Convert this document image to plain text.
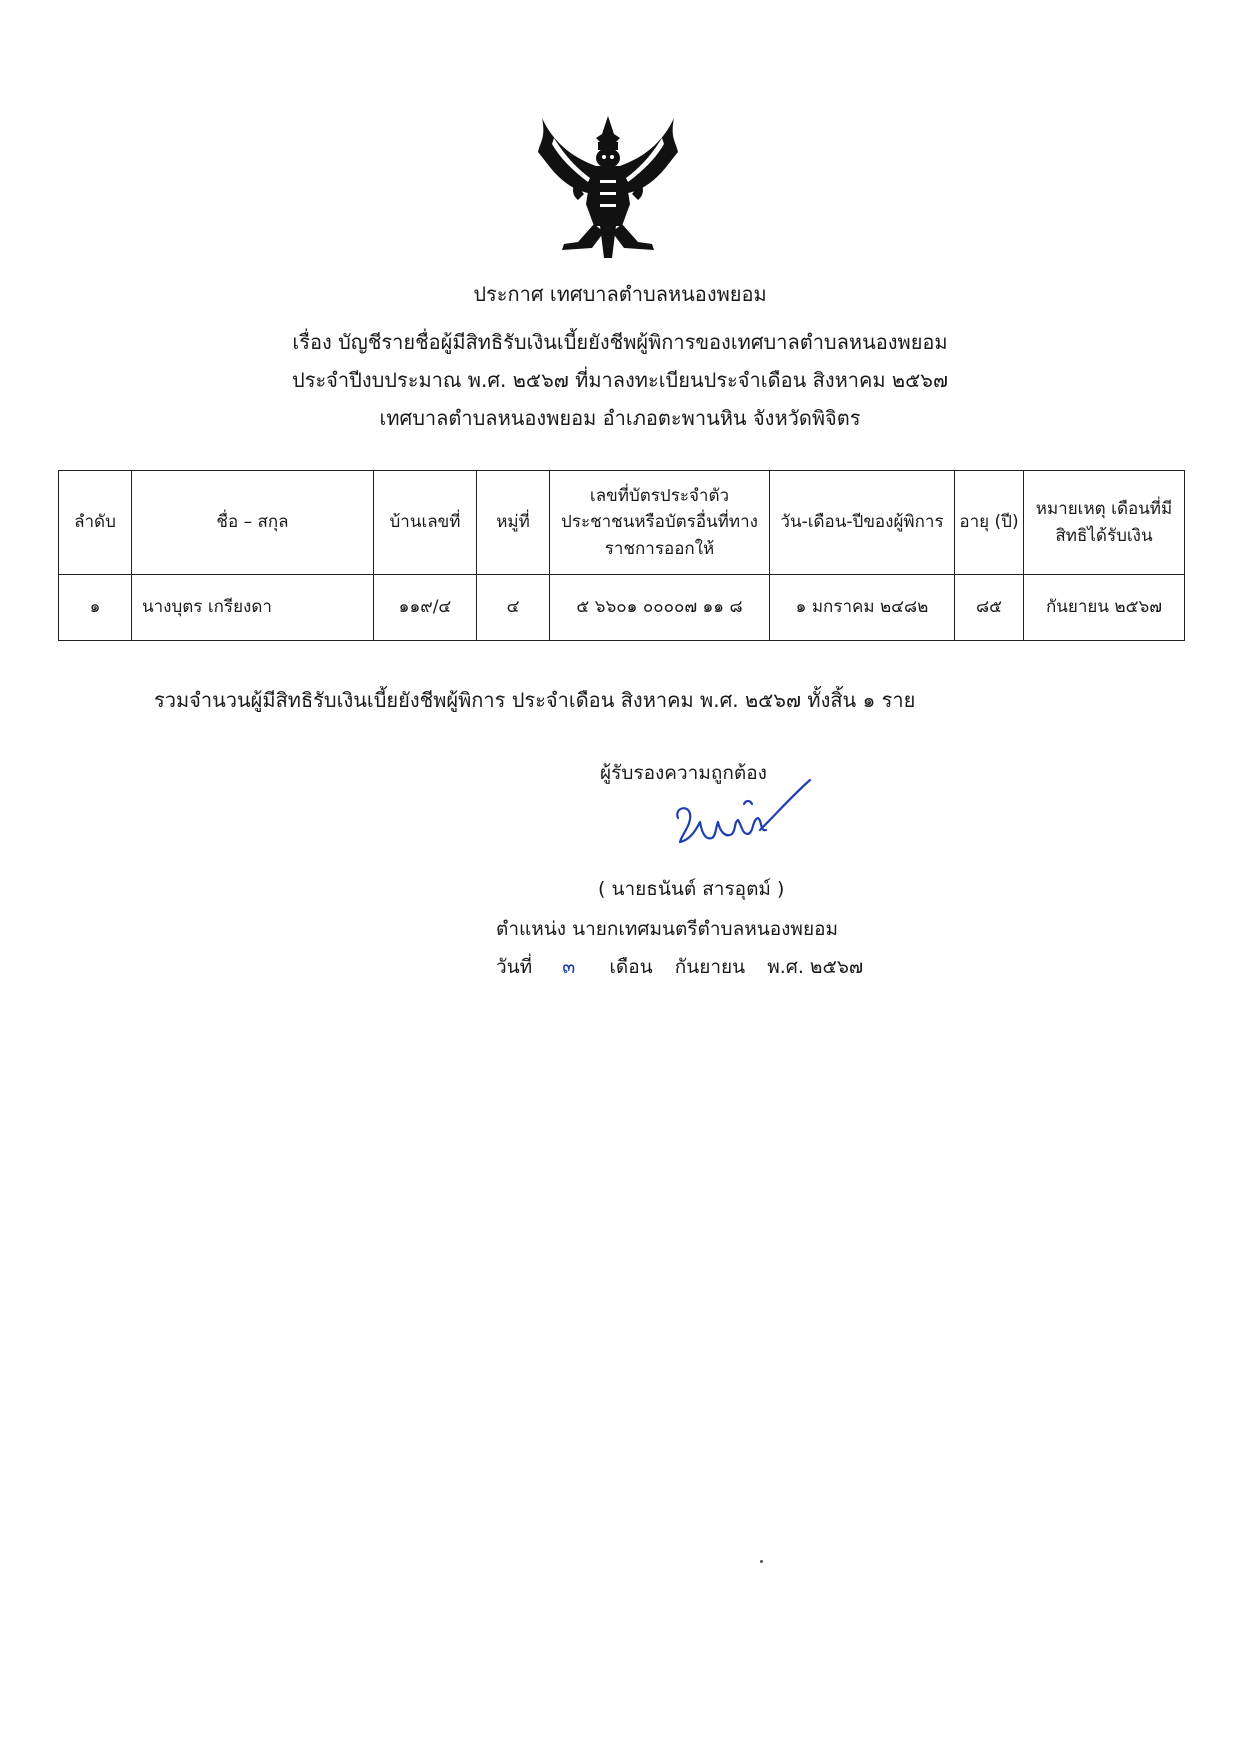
ประกาศ เทศบาลตำบลหนองพยอม
เรื่อง บัญชีรายชื่อผู้มีสิทธิรับเงินเบี้ยยังชีพผู้พิการของเทศบาลตำบลหนองพยอม
ประจำปีงบประมาณ พ.ศ. ๒๕๖๗ ที่มาลงทะเบียนประจำเดือน สิงหาคม ๒๕๖๗
เทศบาลตำบลหนองพยอม อำเภอตะพานหิน จังหวัดพิจิตร
ลำดับ	ชื่อ – สกุล	บ้านเลขที่	หมู่ที่	เลขที่บัตรประจำตัวประชาชนหรือบัตรอื่นที่ทางราชการออกให้	วัน-เดือน-ปีของผู้พิการ	อายุ (ปี)	หมายเหตุ เดือนที่มีสิทธิได้รับเงิน
๑	นางบุตร เกรียงดา	๑๑๙/๔	๔	๕ ๖๖๐๑ ๐๐๐๐๗ ๑๑ ๘	๑ มกราคม ๒๔๘๒	๘๕	กันยายน ๒๕๖๗
รวมจำนวนผู้มีสิทธิรับเงินเบี้ยยังชีพผู้พิการ ประจำเดือน สิงหาคม พ.ศ. ๒๕๖๗ ทั้งสิ้น ๑ ราย
ผู้รับรองความถูกต้อง
( นายธนันต์ สารอุตม์ )
ตำแหน่ง นายกเทศมนตรีตำบลหนองพยอม
วันที่ ๓ เดือน กันยายน พ.ศ. ๒๕๖๗
